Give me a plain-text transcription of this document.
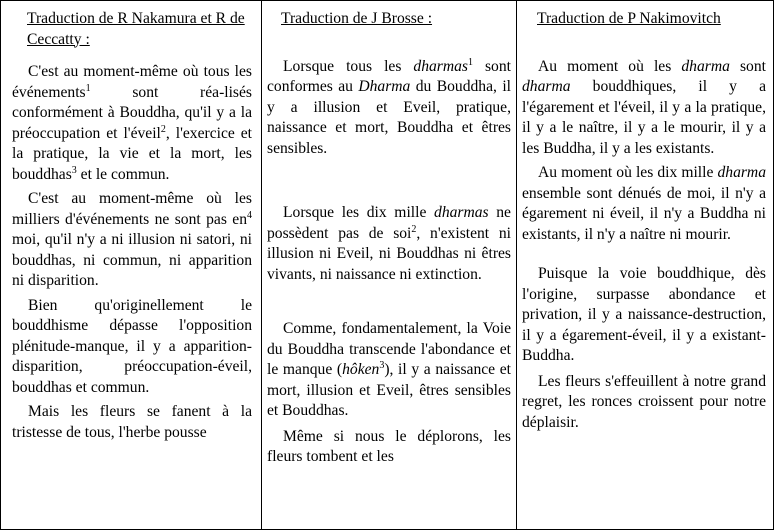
Traduction de R Nakamura et R de Ceccatty :

C'est au moment-même où tous les événements$^1$ sont réa-lisés conformément à Bouddha, qu'il y a la préoccupation et l'éveil$^2$, l'exercice et la pratique, la vie et la mort, les bouddhas$^3$ et le commun.

C'est au moment-même où les milliers d'événements ne sont pas $en^4$ moi, qu'il n'y a ni illusion ni satori, ni bouddhas, ni commun, ni apparition ni disparition.

Bien qu'originellement le bouddhisme dépasse l'opposition plénitude-manque, il y a apparition-disparition, préoccupation-éveil, bouddhas et commun.

Mais les fleurs se fanent à la tristesse de tous, l'herbe pousse

Traduction de J Brosse :

Lorsque tous les dharmas$^1$ sont conformes au Dharma du Bouddha, il y a illusion et Eveil, pratique, naissance et mort, Bouddha et êtres sensibles.

Lorsque les dix mille dharmas ne possèdent pas de soi$^2$, n'existent ni illusion ni Eveil, ni Bouddhas ni êtres vivants, ni naissance ni extinction.

Comme, fondamentalement, la Voie du Bouddha transcende l'abondance et le manque (hôken$^3$), il y a naissance et mort, illusion et Eveil, êtres sensibles et Bouddhas.

Même si nous le déplorons, les fleurs tombent et les

Traduction de P Nakimovitch

Au moment où les dharma sont dharma bouddhiques, il y a l'égarement et l'éveil, il y a la pratique, il y a le naître, il y a le mourir, il y a les Buddha, il y a les existants.

Au moment où les dix mille dharma ensemble sont dénués de moi, il n'y a égarement ni éveil, il n'y a Buddha ni existants, il n'y a naître ni mourir.

Puisque la voie bouddhique, dès l'origine, surpasse abondance et privation, il y a naissance-destruction, il y a égarement-éveil, il y a existant-Buddha.

Les fleurs s'effeuillent à notre grand regret, les ronces croissent pour notre déplaisir.
